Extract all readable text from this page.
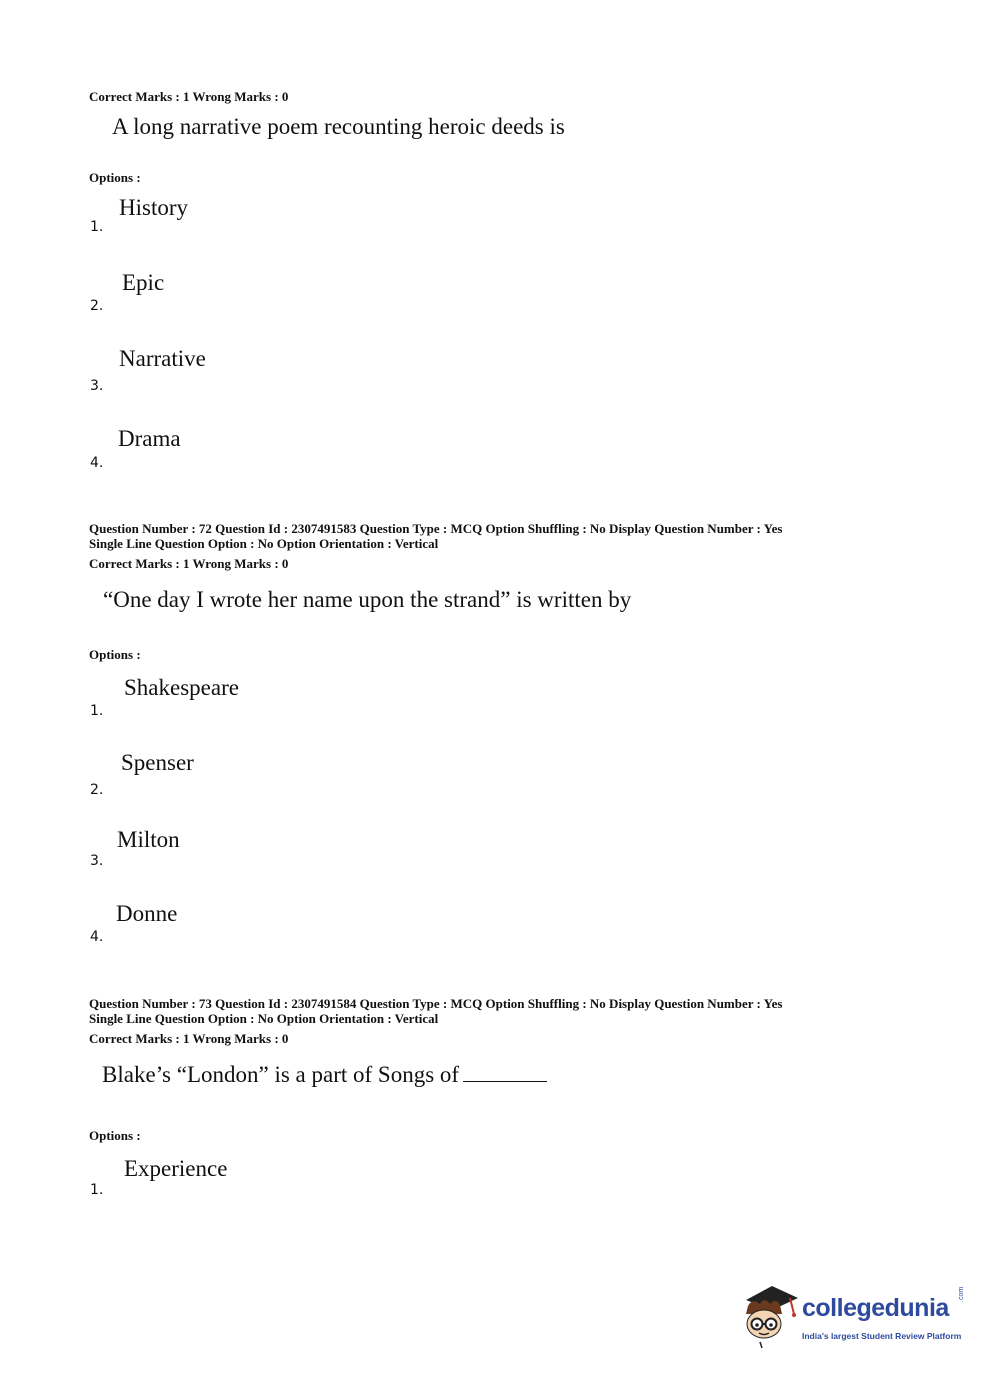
Correct Marks : 1 Wrong Marks : 0
A long narrative poem recounting heroic deeds is
Options :
History
1.
Epic
2.
Narrative
3.
Drama
4.
Question Number : 72 Question Id : 2307491583 Question Type : MCQ Option Shuffling : No Display Question Number : Yes
Single Line Question Option : No Option Orientation : Vertical
Correct Marks : 1 Wrong Marks : 0
“One day I wrote her name upon the strand” is written by
Options :
Shakespeare
1.
Spenser
2.
Milton
3.
Donne
4.
Question Number : 73 Question Id : 2307491584 Question Type : MCQ Option Shuffling : No Display Question Number : Yes
Single Line Question Option : No Option Orientation : Vertical
Correct Marks : 1 Wrong Marks : 0
Blake’s “London” is a part of Songs of
Options :
Experience
1.
collegedunia .com
India's largest Student Review Platform
